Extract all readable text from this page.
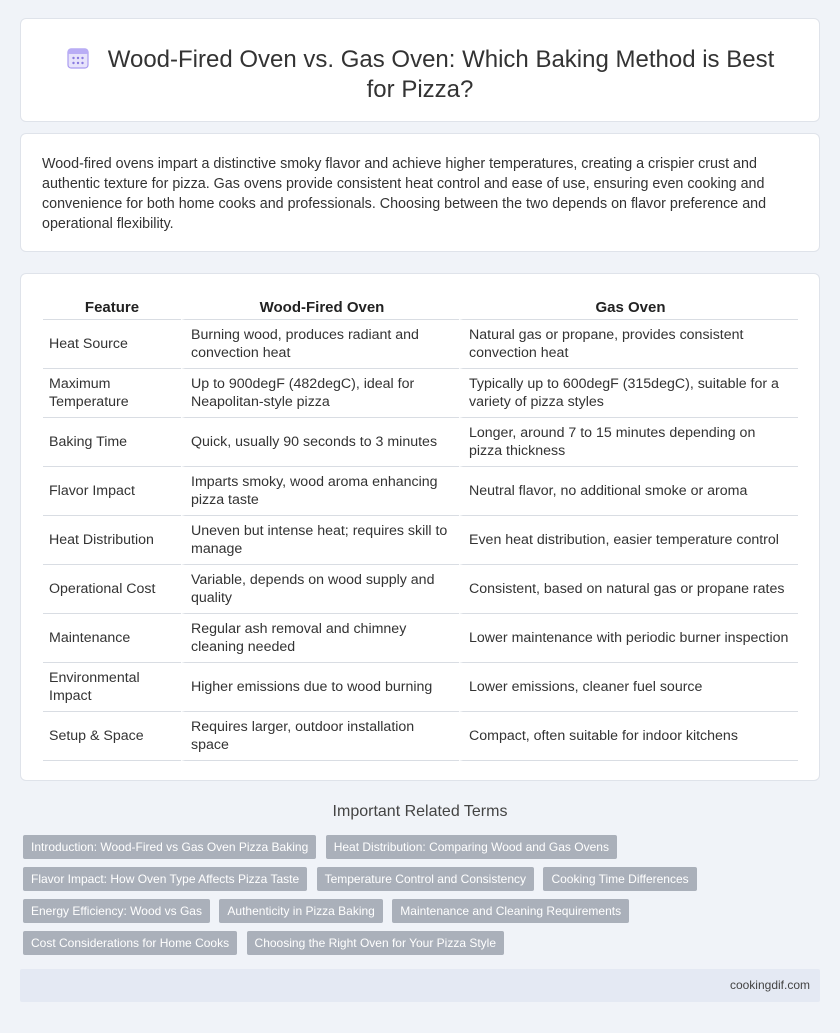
Wood-Fired Oven vs. Gas Oven: Which Baking Method is Best for Pizza?

Wood-fired ovens impart a distinctive smoky flavor and achieve higher temperatures, creating a crispier crust and authentic texture for pizza. Gas ovens provide consistent heat control and ease of use, ensuring even cooking and convenience for both home cooks and professionals. Choosing between the two depends on flavor preference and operational flexibility.

Feature	Wood-Fired Oven	Gas Oven
Heat Source	Burning wood, produces radiant and convection heat	Natural gas or propane, provides consistent convection heat
Maximum Temperature	Up to 900degF (482degC), ideal for Neapolitan-style pizza	Typically up to 600degF (315degC), suitable for a variety of pizza styles
Baking Time	Quick, usually 90 seconds to 3 minutes	Longer, around 7 to 15 minutes depending on pizza thickness
Flavor Impact	Imparts smoky, wood aroma enhancing pizza taste	Neutral flavor, no additional smoke or aroma
Heat Distribution	Uneven but intense heat; requires skill to manage	Even heat distribution, easier temperature control
Operational Cost	Variable, depends on wood supply and quality	Consistent, based on natural gas or propane rates
Maintenance	Regular ash removal and chimney cleaning needed	Lower maintenance with periodic burner inspection
Environmental Impact	Higher emissions due to wood burning	Lower emissions, cleaner fuel source
Setup & Space	Requires larger, outdoor installation space	Compact, often suitable for indoor kitchens
Important Related Terms
Introduction: Wood-Fired vs Gas Oven Pizza Baking Heat Distribution: Comparing Wood and Gas Ovens Flavor Impact: How Oven Type Affects Pizza Taste Temperature Control and Consistency Cooking Time Differences Energy Efficiency: Wood vs Gas Authenticity in Pizza Baking Maintenance and Cleaning Requirements Cost Considerations for Home Cooks Choosing the Right Oven for Your Pizza Style
cookingdif.com
